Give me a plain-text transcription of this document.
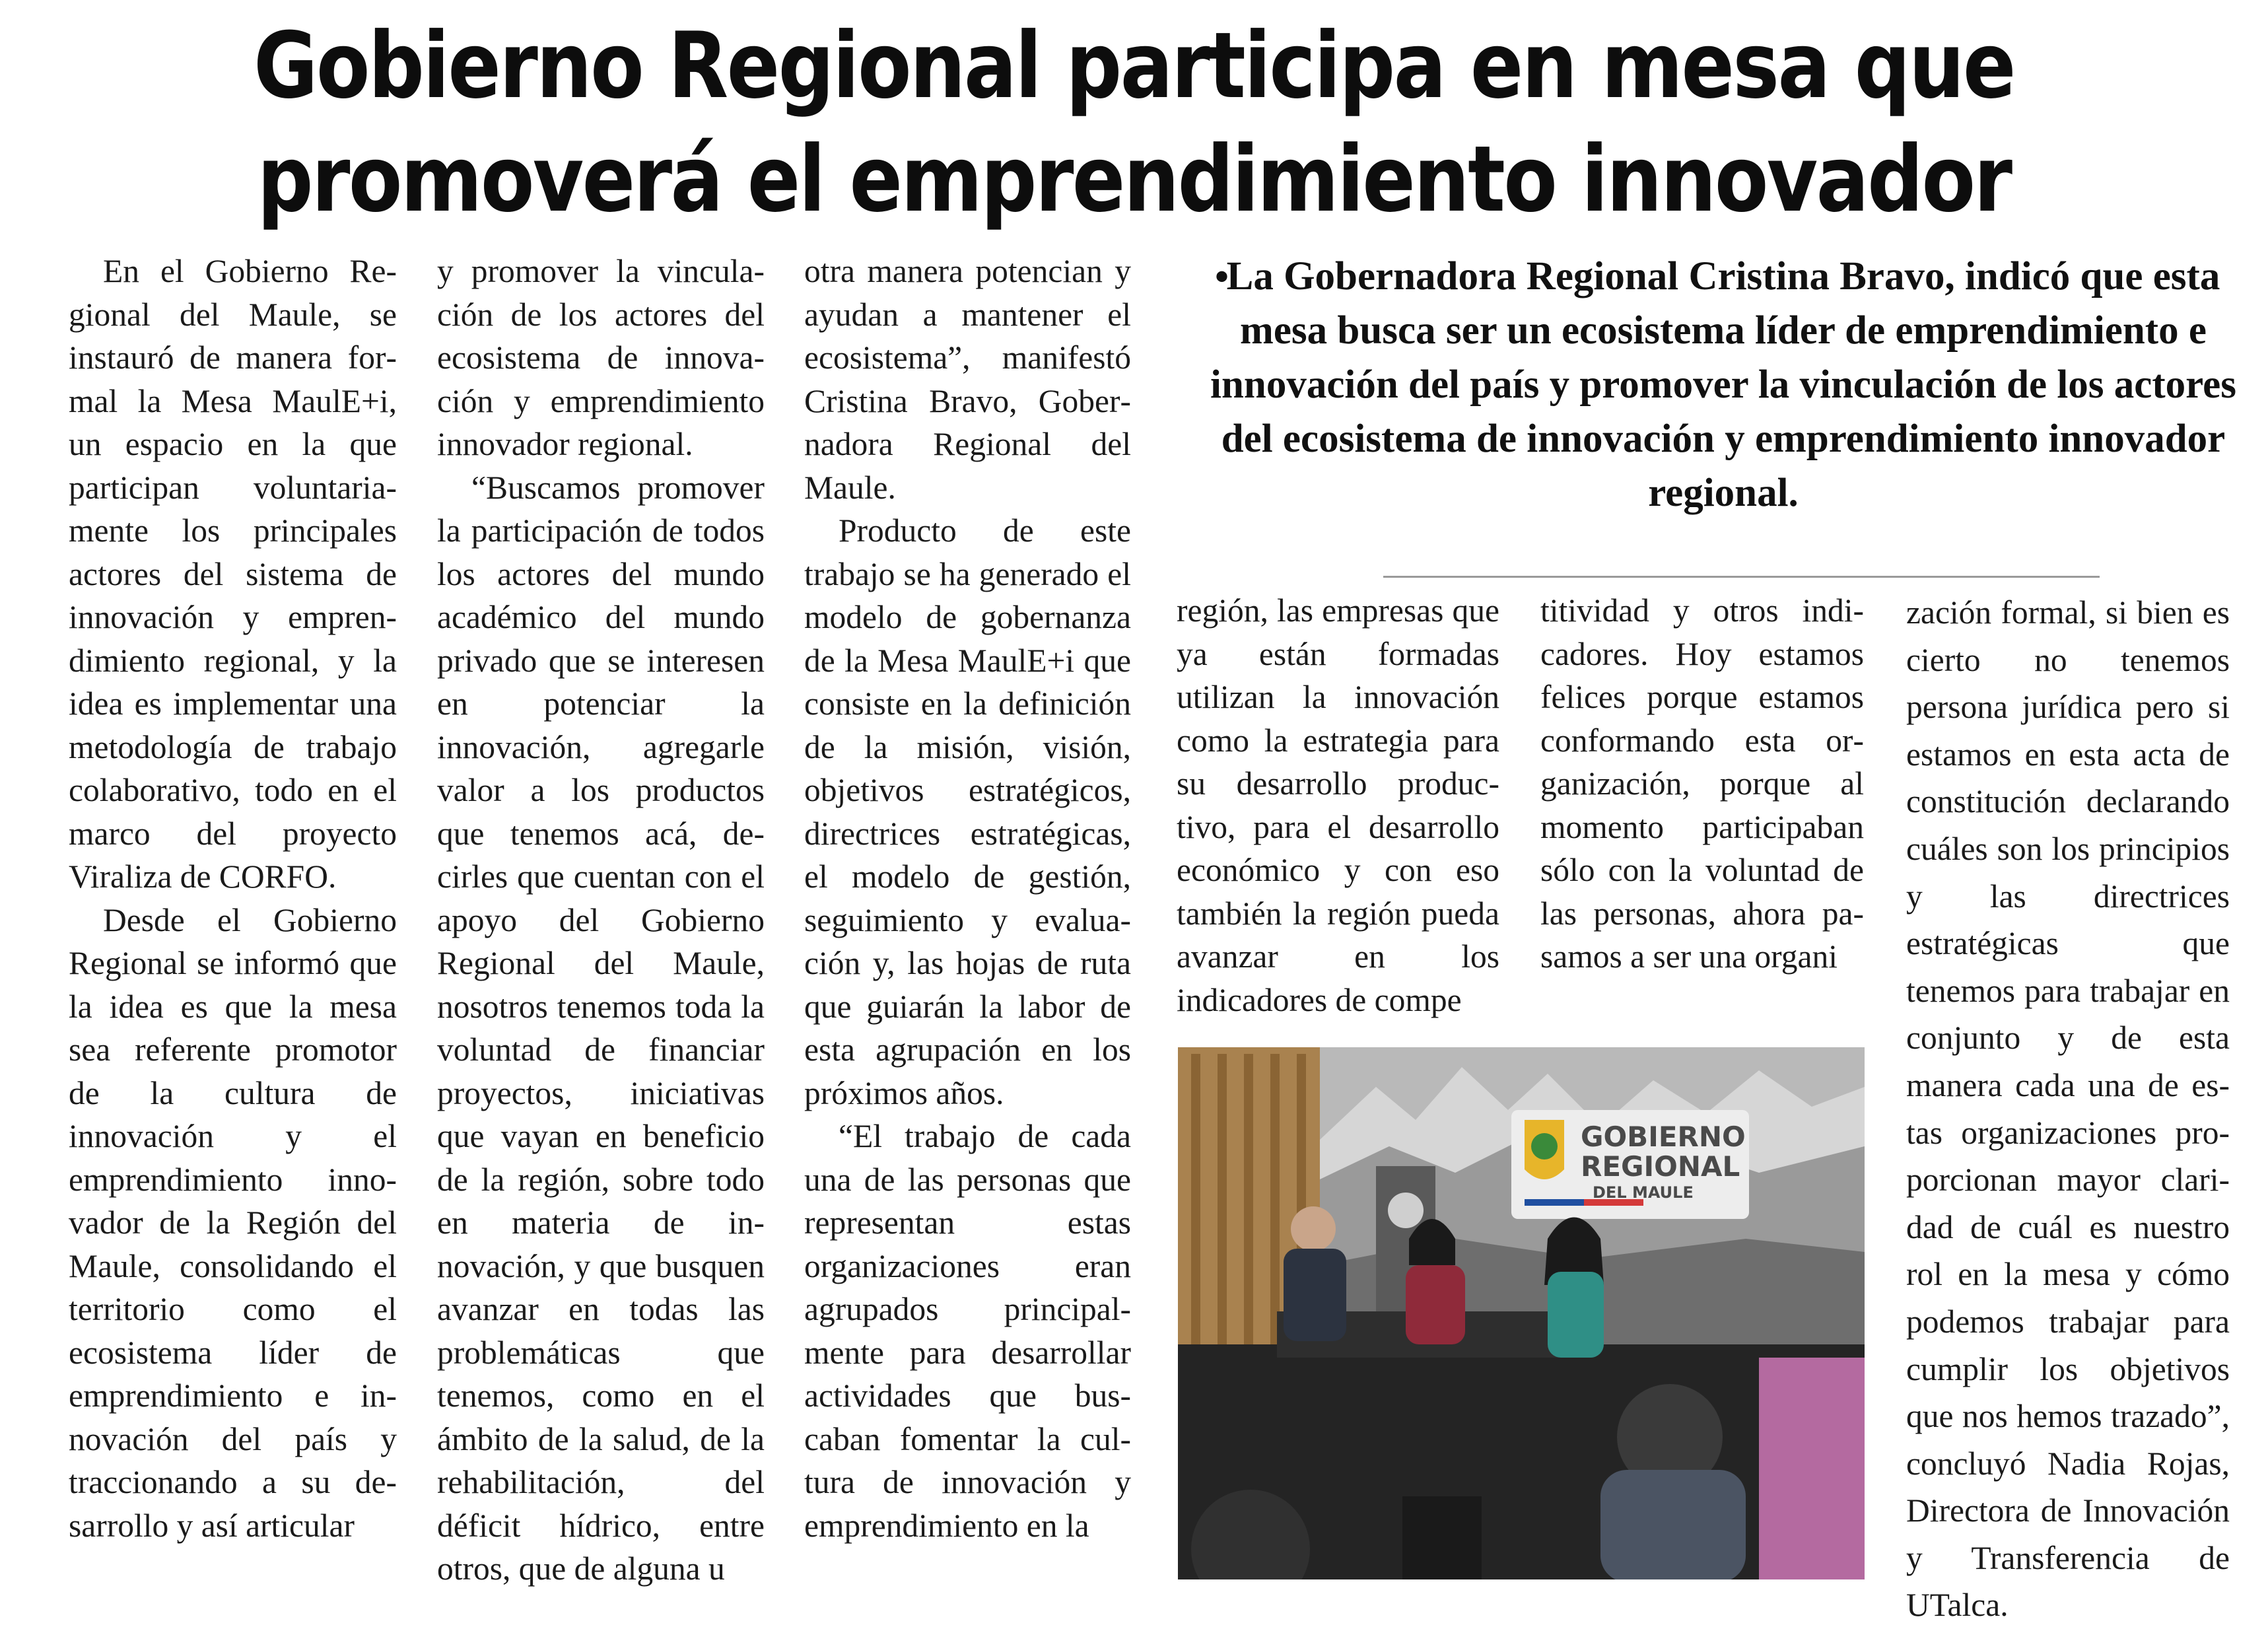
Gobierno Regional participa en mesa que
promoverá el emprendimiento innovador

En el Gobierno Regional del Maule, se instauró de manera formal la Mesa MaulE+i, un espacio en la que participan voluntariamente los principales actores del sistema de innovación y emprendimiento regional, y la idea es implementar una metodología de trabajo colaborativo, todo en el marco del proyecto Viraliza de CORFO.

Desde el Gobierno Regional se informó que la idea es que la mesa sea referente promotor de la cultura de innovación y el emprendimiento innovador de la Región del Maule, consolidando el territorio como el ecosistema líder de emprendimiento e innovación del país y traccionando a su desarrollo y así articular

y promover la vinculación de los actores del ecosistema de innovación y emprendimiento innovador regional.

“Buscamos promover la participación de todos los actores del mundo académico del mundo privado que se interesen en potenciar la innovación, agregarle valor a los productos que tenemos acá, decirles que cuentan con el apoyo del Gobierno Regional del Maule, nosotros tenemos toda la voluntad de financiar proyectos, iniciativas que vayan en beneficio de la región, sobre todo en materia de innovación, y que busquen avanzar en todas las problemáticas que tenemos, como en el ámbito de la salud, de la rehabilitación, del déficit hídrico, entre otros, que de alguna u

otra manera potencian y ayudan a mantener el ecosistema”, manifestó Cristina Bravo, Gobernadora Regional del Maule.

Producto de este trabajo se ha generado el modelo de gobernanza de la Mesa MaulE+i que consiste en la definición de la misión, visión, objetivos estratégicos, directrices estratégicas, el modelo de gestión, seguimiento y evaluación y, las hojas de ruta que guiarán la labor de esta agrupación en los próximos años.

“El trabajo de cada una de las personas que representan estas organizaciones eran agrupados principalmente para desarrollar actividades que buscaban fomentar la cultura de innovación y emprendimiento en la

•
La Gobernadora Regional Cristina Bravo, indicó que esta mesa busca ser un ecosistema líder de emprendimiento e innovación del país y promover la vinculación de los actores del ecosistema de innovación y emprendimiento innovador regional.

región, las empresas que ya están formadas utilizan la innovación como la estrategia para su desarrollo productivo, para el desarrollo económico y con eso también la región pueda avanzar en los indicadores de compe

titividad y otros indicadores. Hoy estamos felices porque estamos conformando esta organización, porque al momento participaban sólo con la voluntad de las personas, ahora pasamos a ser una organi

zación formal, si bien es cierto no tenemos persona jurídica pero si estamos en esta acta de constitución declarando cuáles son los principios y las directrices estratégicas que tenemos para trabajar en conjunto y de esta manera cada una de estas organizaciones proporcionan mayor claridad de cuál es nuestro rol en la mesa y cómo podemos trabajar para cumplir los objetivos que nos hemos trazado”, concluyó Nadia Rojas, Directora de Innovación y Transferencia de UTalca.

GOBIERNO
REGIONAL
DEL MAULE
